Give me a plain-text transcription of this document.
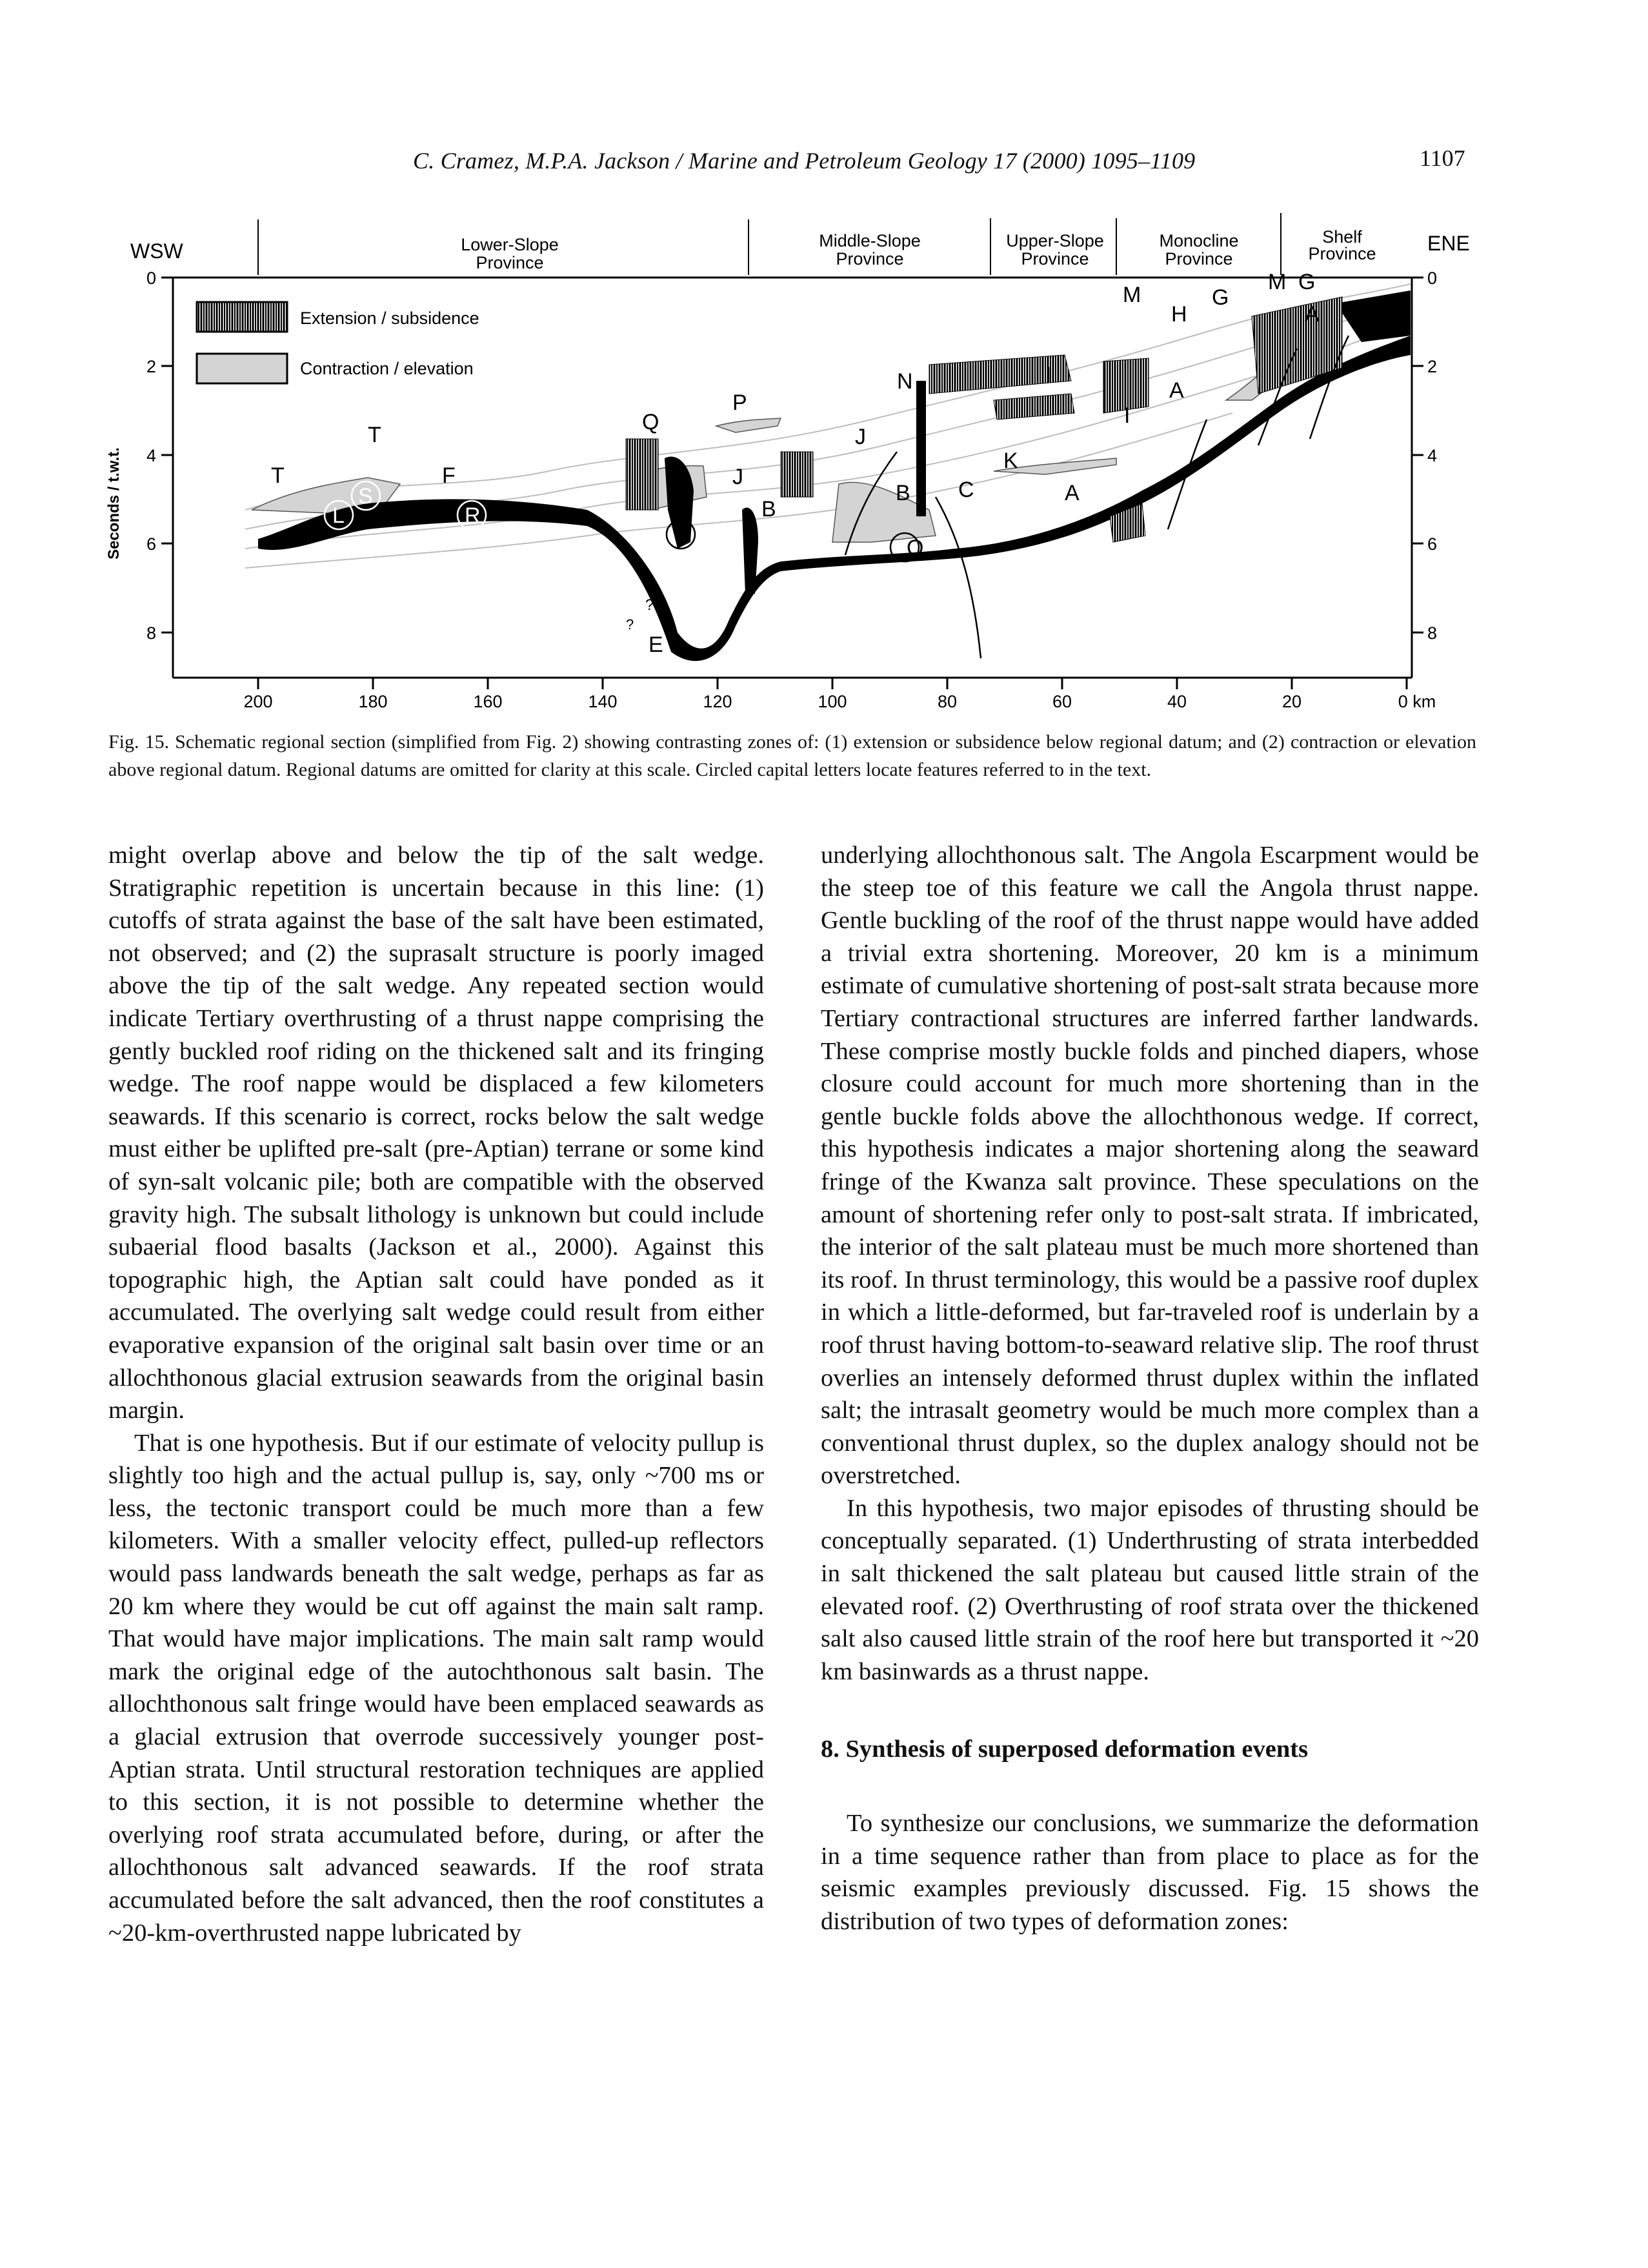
C. Cramez, M.P.A. Jackson / Marine and Petroleum Geology 17 (2000) 1095–1109	1107
WSW	ENE
Lower-Slope
Province
Middle-Slope
Province
Upper-Slope
Province
Monocline
Province
Shelf
Province
0
2
4
6
8
Seconds / t.w.t.
0
2
4
6
8
200	180	160	140	120	100	80	60	40	20	0 km
Extension / subsidence
Contraction / elevation
T
T
S
F
R
L
Q
P
J
J
D
D
E
B
N
B
O
C
K
A
I
I
M
H
G
M G
A
A
?
?
Fig. 15. Schematic regional section (simplified from Fig. 2) showing contrasting zones of: (1) extension or subsidence below regional datum; and (2) contraction or elevation above regional datum. Regional datums are omitted for clarity at this scale. Circled capital letters locate features referred to in the text.

might overlap above and below the tip of the salt wedge. Stratigraphic repetition is uncertain because in this line: (1) cutoffs of strata against the base of the salt have been estimated, not observed; and (2) the suprasalt structure is poorly imaged above the tip of the salt wedge. Any repeated section would indicate Tertiary overthrusting of a thrust nappe comprising the gently buckled roof riding on the thickened salt and its fringing wedge. The roof nappe would be displaced a few kilometers seawards. If this scenario is correct, rocks below the salt wedge must either be uplifted pre-salt (pre-Aptian) terrane or some kind of syn-salt volcanic pile; both are compatible with the observed gravity high. The subsalt lithology is unknown but could include subaerial flood basalts (Jackson et al., 2000). Against this topographic high, the Aptian salt could have ponded as it accumulated. The overlying salt wedge could result from either evaporative expansion of the original salt basin over time or an allochthonous glacial extrusion seawards from the original basin margin.

That is one hypothesis. But if our estimate of velocity pullup is slightly too high and the actual pullup is, say, only ~700 ms or less, the tectonic transport could be much more than a few kilometers. With a smaller velocity effect, pulled-up reflectors would pass landwards beneath the salt wedge, perhaps as far as 20 km where they would be cut off against the main salt ramp. That would have major implications. The main salt ramp would mark the original edge of the autochthonous salt basin. The allochthonous salt fringe would have been emplaced seawards as a glacial extrusion that overrode successively younger post-Aptian strata. Until structural restoration techniques are applied to this section, it is not possible to determine whether the overlying roof strata accumulated before, during, or after the allochthonous salt advanced seawards. If the roof strata accumulated before the salt advanced, then the roof constitutes a ~20-km-overthrusted nappe lubricated by

underlying allochthonous salt. The Angola Escarpment would be the steep toe of this feature we call the Angola thrust nappe. Gentle buckling of the roof of the thrust nappe would have added a trivial extra shortening. Moreover, 20 km is a minimum estimate of cumulative shortening of post-salt strata because more Tertiary contractional structures are inferred farther landwards. These comprise mostly buckle folds and pinched diapers, whose closure could account for much more shortening than in the gentle buckle folds above the allochthonous wedge. If correct, this hypothesis indicates a major shortening along the seaward fringe of the Kwanza salt province. These speculations on the amount of shortening refer only to post-salt strata. If imbricated, the interior of the salt plateau must be much more shortened than its roof. In thrust terminology, this would be a passive roof duplex in which a little-deformed, but far-traveled roof is underlain by a roof thrust having bottom-to-seaward relative slip. The roof thrust overlies an intensely deformed thrust duplex within the inflated salt; the intrasalt geometry would be much more complex than a conventional thrust duplex, so the duplex analogy should not be overstretched.

In this hypothesis, two major episodes of thrusting should be conceptually separated. (1) Underthrusting of strata interbedded in salt thickened the salt plateau but caused little strain of the elevated roof. (2) Overthrusting of roof strata over the thickened salt also caused little strain of the roof here but transported it ~20 km basinwards as a thrust nappe.

8. Synthesis of superposed deformation events

To synthesize our conclusions, we summarize the deformation in a time sequence rather than from place to place as for the seismic examples previously discussed. Fig. 15 shows the distribution of two types of deformation zones:
